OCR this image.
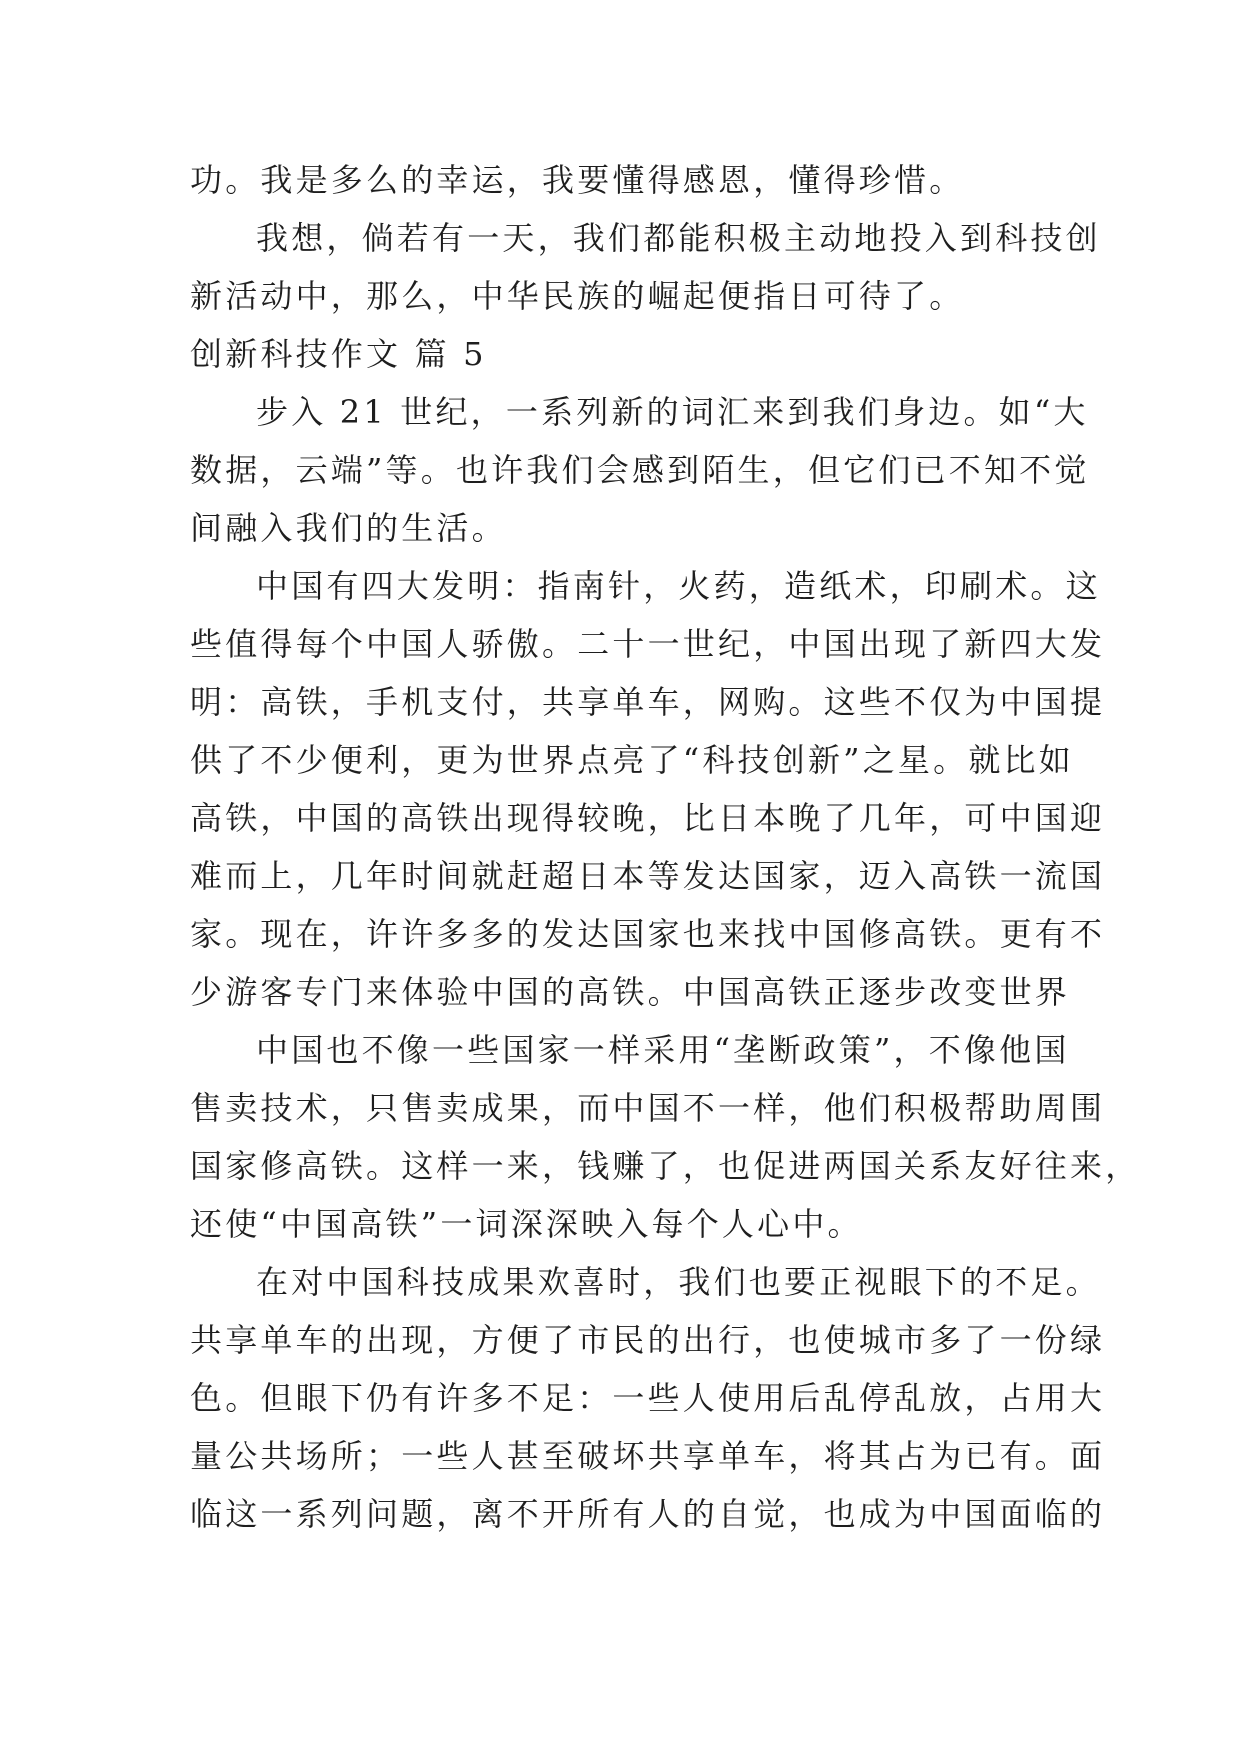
功。我是多么的幸运，我要懂得感恩，懂得珍惜。

我想，倘若有一天，我们都能积极主动地投入到科技创

新活动中，那么，中华民族的崛起便指日可待了。

创新科技作文 篇 5

步入 21 世纪，一系列新的词汇来到我们身边。如“大

数据，云端”等。也许我们会感到陌生，但它们已不知不觉

间融入我们的生活。

中国有四大发明：指南针，火药，造纸术，印刷术。这

些值得每个中国人骄傲。二十一世纪，中国出现了新四大发

明：高铁，手机支付，共享单车，网购。这些不仅为中国提

供了不少便利，更为世界点亮了“科技创新”之星。就比如

高铁，中国的高铁出现得较晚，比日本晚了几年，可中国迎

难而上，几年时间就赶超日本等发达国家，迈入高铁一流国

家。现在，许许多多的发达国家也来找中国修高铁。更有不

少游客专门来体验中国的高铁。中国高铁正逐步改变世界

中国也不像一些国家一样采用“垄断政策”，不像他国

售卖技术，只售卖成果，而中国不一样，他们积极帮助周围

国家修高铁。这样一来，钱赚了，也促进两国关系友好往来，

还使“中国高铁”一词深深映入每个人心中。

在对中国科技成果欢喜时，我们也要正视眼下的不足。

共享单车的出现，方便了市民的出行，也使城市多了一份绿

色。但眼下仍有许多不足：一些人使用后乱停乱放，占用大

量公共场所；一些人甚至破坏共享单车，将其占为已有。面

临这一系列问题，离不开所有人的自觉，也成为中国面临的
